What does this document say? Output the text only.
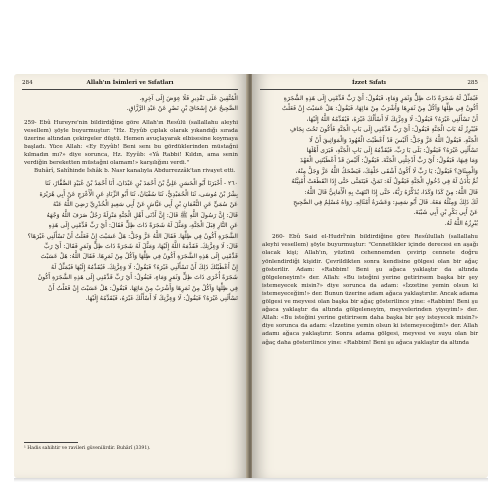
284	Allah'ın İsimleri ve Sıfatları

الْمُتَّقِينَ عَلَى تَقْدِيرِ فَلَا عِوَضَ إِلَى آخِرِهِ.

الصَّحِيحُ عَنْ إِسْحَاقَ بْنِ نَصْرٍ عَنْ عَبْدِ الرَّزَّاقِ.

259- Ebû Hureyre'nin bildirdiğine göre Allah'ın Resûlü (sallallahu aleyhi vesellem) şöyle buyurmuştur: "Hz. Eyyûb çıplak olarak yıkandığı sırada üzerine altından çekirgeler düştü. Hemen avuçlayarak elbisesine koymaya başladı. Yüce Allah: «Ey Eyyûb! Beni senı bu gördüklerinden müstağni kılmadın mı?» diye sorunca, Hz. Eyyûb: «Yâ Rabbi! Kıldın, ama senin verdiğin bereketten müstağni olamam!» karşılığını verdi."

Buhârî, Sahîhinde İshâk b. Nasr kanalıyla Abdurrezzâk'tan rivayet etti.

٢٦٠ - أَخْبَرَنَا أَبُو الْحَسَنِ عَلِيُّ بْنُ أَحْمَدَ بْنِ عَبْدَانَ، أَنَا أَحْمَدُ بْنُ عُبَيْدٍ الصَّفَّارُ، ثَنَا

بِشْرُ بْنُ مُوسَى، ثَنَا الْحُمَيْدِيُّ، ثَنَا سُفْيَانُ، ثَنَا أَبُو الزِّنَادِ عَنِ الْأَعْرَجِ عَنْ أَبِي هُرَيْرَةَ

عَنْ سُمَيٍّ عَنِ النُّعْمَانِ بْنِ أَبِي عَيَّاشٍ عَنْ أَبِي سَعِيدٍ الْخُدْرِيِّ رَضِيَ اللَّهُ عَنْهُ

قَالَ: إِنَّ رَسُولَ اللَّهِ ﷺ قَالَ: إِنَّ أَدْنَى أَهْلِ الْجَنَّةِ مَنْزِلَةً رَجُلٌ صَرَفَ اللَّهُ وَجْهَهُ

عَنِ النَّارِ قِبَلَ الْجَنَّةِ، وَمَثَّلَ لَهُ شَجَرَةً ذَاتَ ظِلٍّ فَقَالَ: أَيْ رَبِّ قَدِّمْنِي إِلَى هَذِهِ

الشَّجَرَةِ أَكُونُ فِي ظِلِّهَا. فَقَالَ اللَّهُ عَزَّ وَجَلَّ: هَلْ عَسَيْتَ إِنْ فَعَلْتُ أَنْ تَسْأَلَنِي غَيْرَهَا؟

قَالَ: لَا وَعِزَّتِكَ. فَقَدَّمَهُ اللَّهُ إِلَيْهَا، وَمَثَّلَ لَهُ شَجَرَةً ذَاتَ ظِلٍّ وَثَمَرٍ فَقَالَ: أَيْ رَبِّ

قَدِّمْنِي إِلَى هَذِهِ الشَّجَرَةِ أَكُونُ فِي ظِلِّهَا وَآكُلُ مِنْ ثَمَرِهَا. فَقَالَ اللَّهُ: هَلْ عَسَيْتَ

إِنْ أَعْطَيْتُكَ ذَلِكَ أَنْ تَسْأَلَنِي غَيْرَهُ؟ فَيَقُولُ: لَا وَعِزَّتِكَ. فَيُقَدِّمُهُ إِلَيْهَا فَيُمَثِّلُ لَهُ

شَجَرَةً أُخْرَى ذَاتَ ظِلٍّ وَثَمَرٍ وَمَاءٍ، فَيَقُولُ: أَيْ رَبِّ قَدِّمْنِي إِلَى هَذِهِ الشَّجَرَةِ أَكُونُ

فِي ظِلِّهَا وَآكُلُ مِنْ ثَمَرِهَا وَأَشْرَبُ مِنْ مَائِهَا. فَيَقُولُ: هَلْ عَسَيْتَ إِنْ فَعَلْتُ أَنْ

تَسْأَلَنِي غَيْرَهُ؟ فَيَقُولُ: لَا وَعِزَّتِكَ لَا أَسْأَلُكَ غَيْرَهُ، فَيُقَدِّمُهُ إِلَيْهَا.

¹ Hadis sahihtir ve ravileri güvenilirdir. Buhârî (3391).
İzzet Sıfatı	285

فَيُمَثِّلُ لَهُ شَجَرَةً ذَاتَ ظِلٍّ وَثَمَرٍ وَمَاءٍ، فَيَقُولُ: أَيْ رَبِّ قَدِّمْنِي إِلَى هَذِهِ الشَّجَرَةِ

أَكُونُ فِي ظِلِّهَا وَآكُلُ مِنْ ثَمَرِهَا وَأَشْرَبُ مِنْ مَائِهَا، فَيَقُولُ: هَلْ عَسَيْتَ إِنْ فَعَلْتُ

أَنْ تَسْأَلَنِي غَيْرَهُ؟ فَيَقُولُ: لَا وَعِزَّتِكَ لَا أَسْأَلُكَ غَيْرَهُ، فَيُقَدِّمُهُ اللَّهُ إِلَيْهَا،

فَيُبْرِزُ لَهُ بَابَ الْجَنَّةِ فَيَقُولُ: أَيْ رَبِّ قَدِّمْنِي إِلَى بَابِ الْجَنَّةِ فَأَكُونَ تَحْتَ نِجَافِ

الْجَنَّةِ. فَيَقُولُ اللَّهُ عَزَّ وَجَلَّ: أَلَيْسَ قَدْ أَعْطَيْتَ الْعُهُودَ وَالْمَوَاثِيقَ أَنْ لَا

تَسْأَلَنِي غَيْرَهُ؟ فَيَقُولُ: بَلَى يَا رَبِّ، فَيُقَدِّمُهُ إِلَى بَابِ الْجَنَّةِ، فَيَرَى أَهْلَهَا

وَمَا فِيهَا، فَيَقُولُ: أَيْ رَبِّ أَدْخِلْنِي الْجَنَّةَ. فَيَقُولُ: أَلَيْسَ قَدْ أَعْطَيْتَنِي الْعَهْدَ

وَالْمِيثَاقَ؟ فَيَقُولُ: يَا رَبِّ لَا أَكُونُ أَشْقَى خَلْقِكَ، فَيَضْحَكُ اللَّهُ عَزَّ وَجَلَّ مِنْهُ،

ثُمَّ يَأْذَنُ لَهُ فِي دُخُولِ الْجَنَّةِ فَيَقُولُ لَهُ: تَمَنَّ، فَيَتَمَنَّى حَتَّى إِذَا انْقَطَعَتْ أُمْنِيَّتُهُ

قَالَ اللَّهُ: مِنْ كَذَا وَكَذَا، يُذَكِّرُهُ رَبُّهُ، حَتَّى إِذَا انْتَهَتْ بِهِ الْأَمَانِيُّ قَالَ اللَّهُ:

لَكَ ذَلِكَ وَمِثْلُهُ مَعَهُ. قَالَ أَبُو سَعِيدٍ: وَعَشَرَةُ أَمْثَالِهِ. رَوَاهُ مُسْلِمٌ فِي الصَّحِيحِ

عَنْ أَبِي بَكْرِ بْنِ أَبِي شَيْبَةَ.

يُبْرِزُهُ اللَّهُ لَهُ.

260- Ebû Said el-Hudrî'nin bildirdiğine göre Resûlullah (sallallahu aleyhi vesellem) şöyle buyurmuştur: "Cennetlikler içinde derecesi en aşağı olacak kişi; Allah'ın, yüzünü cehennemden çevirip cennete doğru yönlendirdiği kişidir. Çevrildikten sonra kendisine gölgesi olan bir ağaç gösterilir. Adam: «Rabbim! Beni şu ağaca yaklaştır da altında gölgeleneyim!» der. Allah: «Bu isteğini yerine getirirsem başka bir şey istemeyecek misin?» diye sorunca da adam: «İzzetine yemin olsun ki istemeyeceğim!» der. Bunun üzerine adam ağaca yaklaştırılır. Ancak adama gölgesi ve meyvesi olan başka bir ağaç gösterilince yine: «Rabbim! Beni şu ağaca yaklaştır da altında gölgeleneyim, meyvelerinden yiyeyim!» der. Allah: «Bu isteğini yerine getirirsem daha başka bir şey isteyecek misin?» diye sorunca da adam: «İzzetine yemin olsun ki istemeyeceğim!» der. Allah adamı ağaca yaklaştırır. Sonra adama gölgesi, meyvesi ve suyu olan bir ağaç daha gösterilince yine: «Rabbim! Beni şu ağaca yaklaştır da altında
